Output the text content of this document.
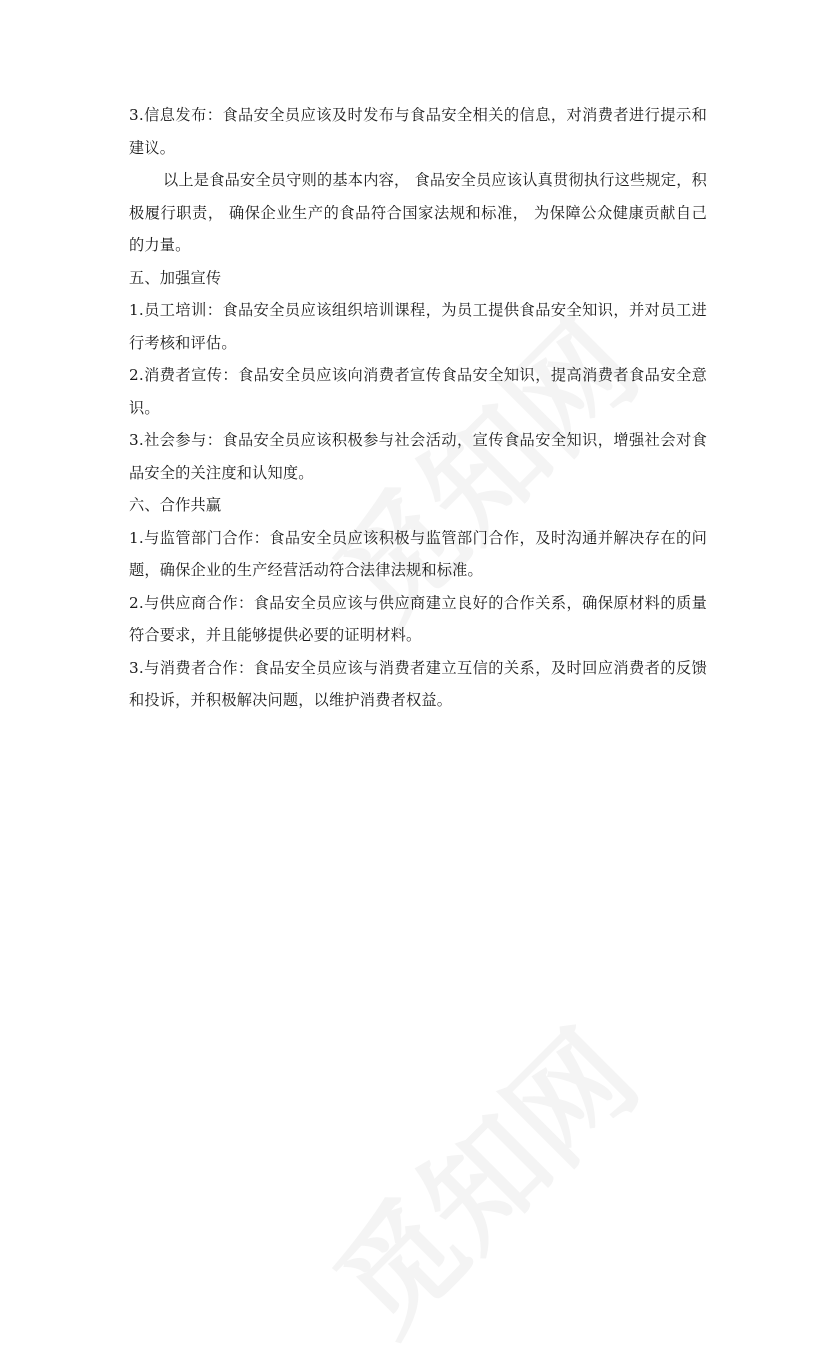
3.信息发布：食品安全员应该及时发布与食品安全相关的信息，对消费者进行提示和建议。

以上是食品安全员守则的基本内容， 食品安全员应该认真贯彻执行这些规定，积极履行职责， 确保企业生产的食品符合国家法规和标准， 为保障公众健康贡献自己的力量。

五、加强宣传

1.员工培训：食品安全员应该组织培训课程，为员工提供食品安全知识，并对员工进行考核和评估。

2.消费者宣传：食品安全员应该向消费者宣传食品安全知识，提高消费者食品安全意识。

3.社会参与：食品安全员应该积极参与社会活动，宣传食品安全知识，增强社会对食品安全的关注度和认知度。

六、合作共赢

1.与监管部门合作：食品安全员应该积极与监管部门合作，及时沟通并解决存在的问题，确保企业的生产经营活动符合法律法规和标准。

2.与供应商合作：食品安全员应该与供应商建立良好的合作关系，确保原材料的质量符合要求，并且能够提供必要的证明材料。

3.与消费者合作：食品安全员应该与消费者建立互信的关系，及时回应消费者的反馈和投诉，并积极解决问题，以维护消费者权益。
